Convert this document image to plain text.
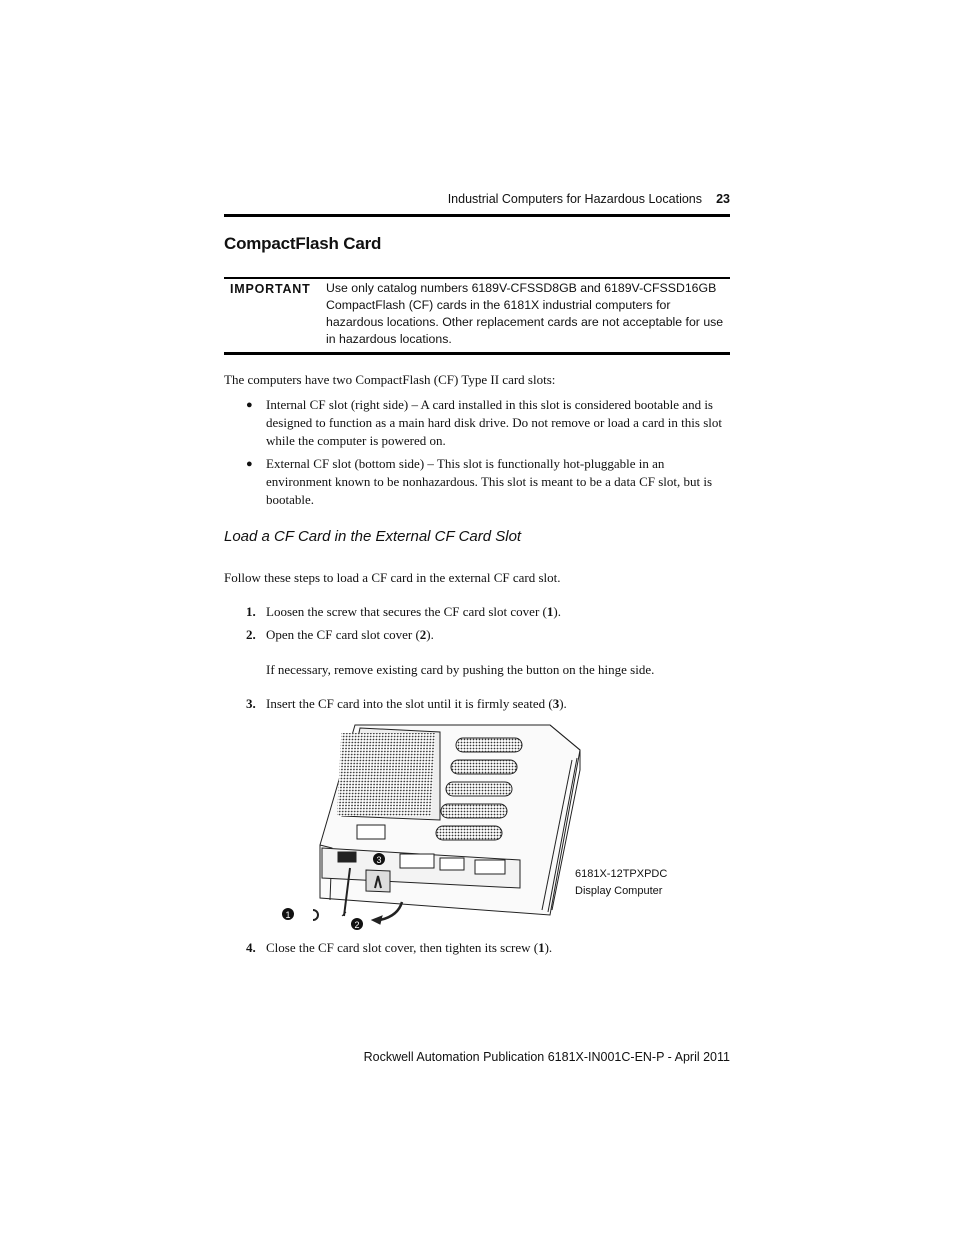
Industrial Computers for Hazardous Locations 23
CompactFlash Card
IMPORTANT Use only catalog numbers 6189V-CFSSD8GB and 6189V-CFSSD16GB CompactFlash (CF) cards in the 6181X industrial computers for hazardous locations. Other replacement cards are not acceptable for use in hazardous locations.
The computers have two CompactFlash (CF) Type II card slots:
● Internal CF slot (right side) – A card installed in this slot is considered bootable and is designed to function as a main hard disk drive. Do not remove or load a card in this slot while the computer is powered on.
● External CF slot (bottom side) – This slot is functionally hot-pluggable in an environment known to be nonhazardous. This slot is meant to be a data CF slot, but is bootable.
Load a CF Card in the External CF Card Slot
Follow these steps to load a CF card in the external CF card slot.
1. Loosen the screw that secures the CF card slot cover (1).
2. Open the CF card slot cover (2).
If necessary, remove existing card by pushing the button on the hinge side.
3. Insert the CF card into the slot until it is firmly seated (3).
1
2
3
6181X-12TPXPDC
Display Computer
4. Close the CF card slot cover, then tighten its screw (1).
Rockwell Automation Publication 6181X-IN001C-EN-P - April 2011
